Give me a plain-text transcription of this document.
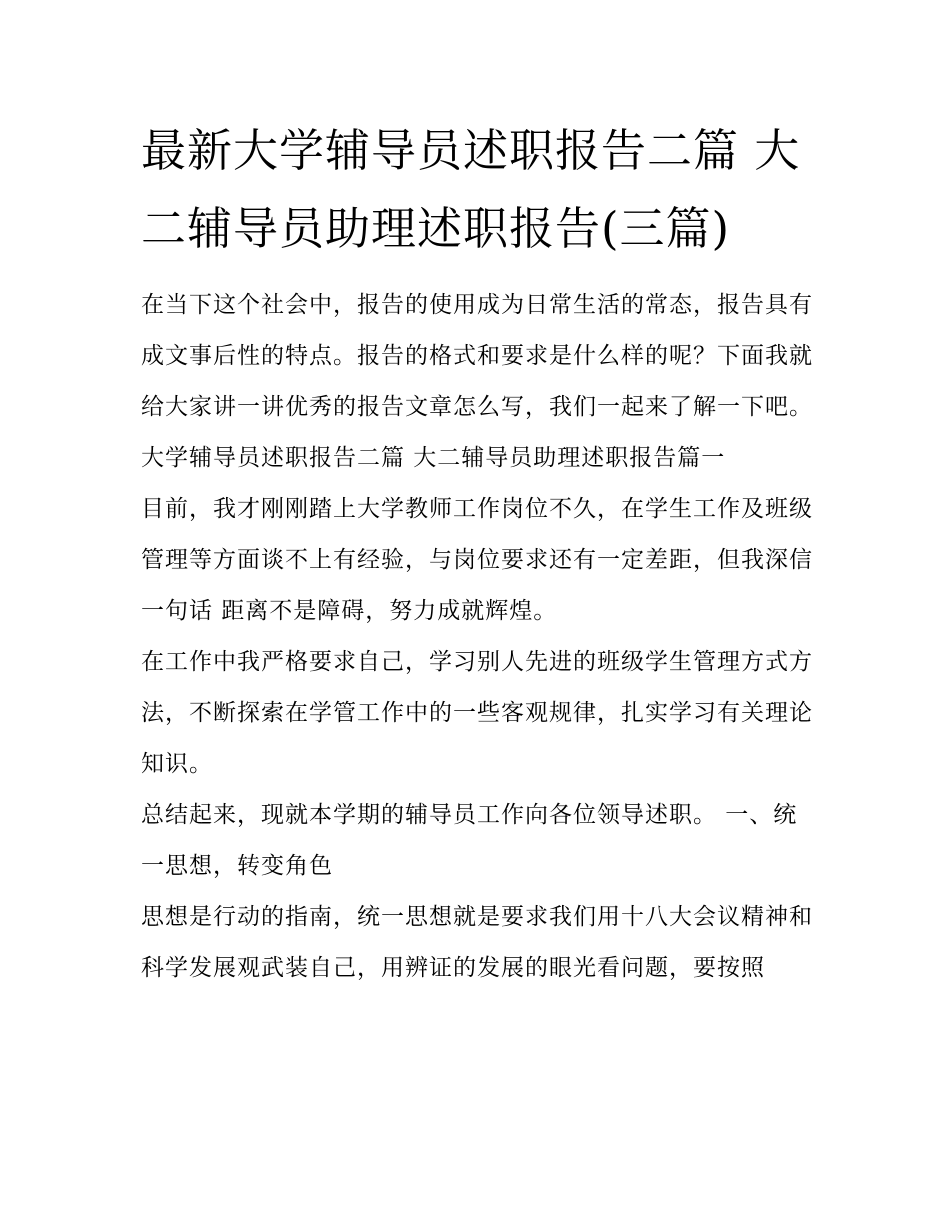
最新大学辅导员述职报告二篇 大二辅导员助理述职报告(三篇)

在当下这个社会中，报告的使用成为日常生活的常态，报告具有成文事后性的特点。报告的格式和要求是什么样的呢？下面我就给大家讲一讲优秀的报告文章怎么写，我们一起来了解一下吧。

大学辅导员述职报告二篇 大二辅导员助理述职报告篇一

目前，我才刚刚踏上大学教师工作岗位不久，在学生工作及班级管理等方面谈不上有经验，与岗位要求还有一定差距，但我深信一句话 距离不是障碍，努力成就辉煌。

在工作中我严格要求自己，学习别人先进的班级学生管理方式方法，不断探索在学管工作中的一些客观规律，扎实学习有关理论知识。

总结起来，现就本学期的辅导员工作向各位领导述职。 一、统一思想，转变角色

思想是行动的指南，统一思想就是要求我们用十八大会议精神和科学发展观武装自己，用辨证的发展的眼光看问题，要按照
